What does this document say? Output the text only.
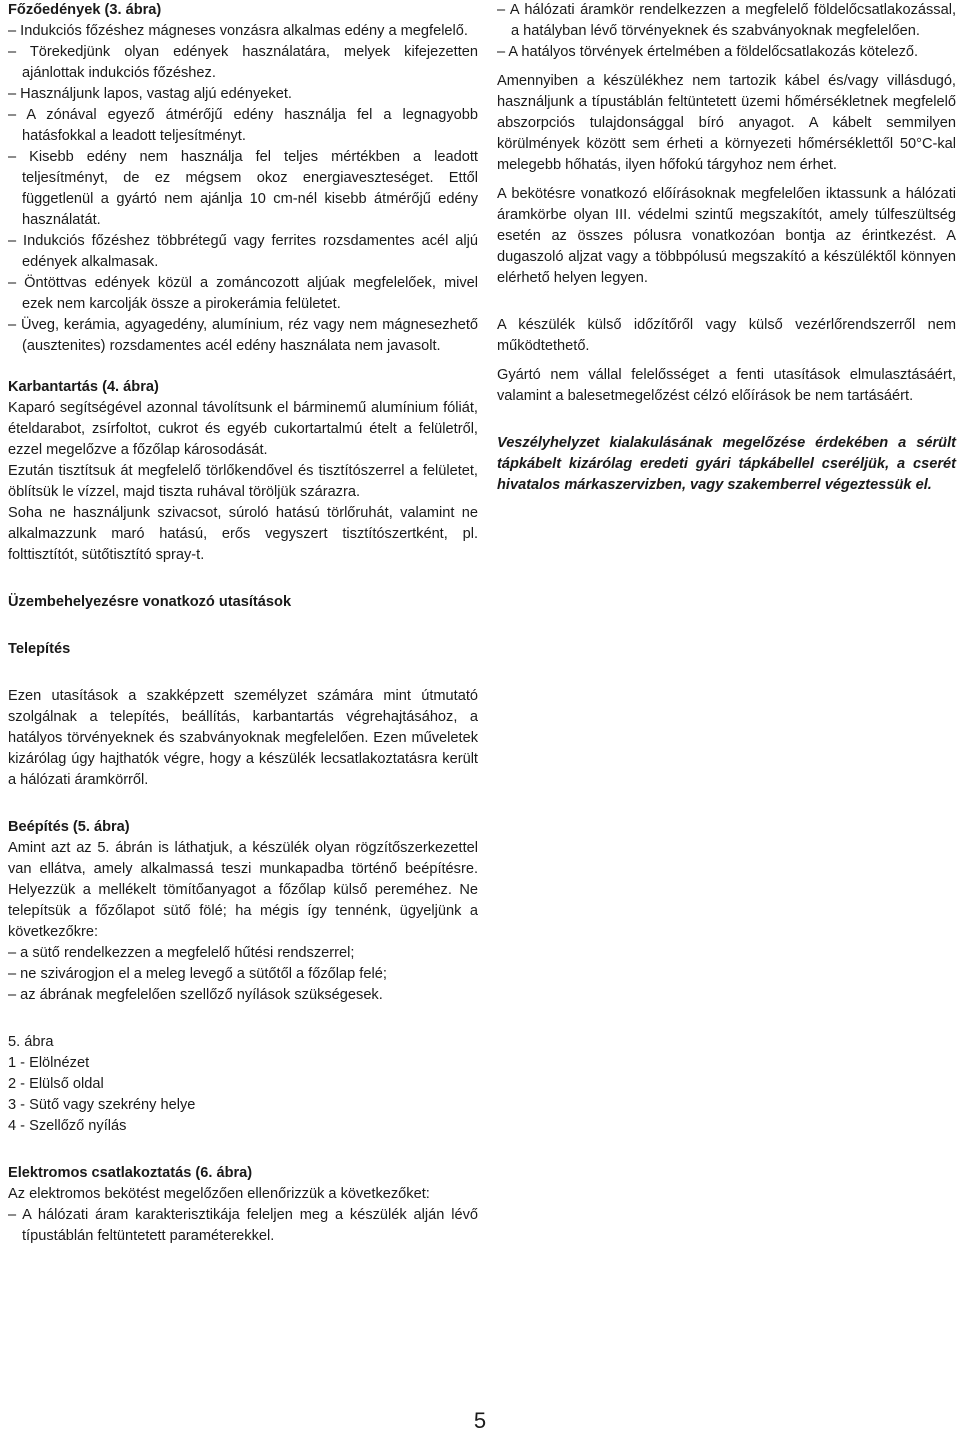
Főzőedények (3. ábra)
– Indukciós főzéshez mágneses vonzásra alkalmas edény a megfelelő.
– Törekedjünk olyan edények használatára, melyek kifejezetten ajánlottak indukciós főzéshez.
– Használjunk lapos, vastag aljú edényeket.
– A zónával egyező átmérőjű edény használja fel a legnagyobb hatásfokkal a leadott teljesítményt.
– Kisebb edény nem használja fel teljes mértékben a leadott teljesítményt, de ez mégsem okoz energiaveszteséget. Ettől függetlenül a gyártó nem ajánlja 10 cm-nél kisebb átmérőjű edény használatát.
– Indukciós főzéshez többrétegű vagy ferrites rozsdamentes acél aljú edények alkalmasak.
– Öntöttvas edények közül a zománcozott aljúak megfelelőek, mivel ezek nem karcolják össze a pirokerámia felületet.
– Üveg, kerámia, agyagedény, alumínium, réz vagy nem mágnesezhető (ausztenites) rozsdamentes acél edény használata nem javasolt.
Karbantartás (4. ábra)

Kaparó segítségével azonnal távolítsunk el bárminemű alumínium fóliát, ételdarabot, zsírfoltot, cukrot és egyéb cukortartalmú ételt a felületről, ezzel megelőzve a főzőlap károsodását.

Ezután tisztítsuk át megfelelő törlőkendővel és tisztítószerrel a felületet, öblítsük le vízzel, majd tiszta ruhával töröljük szárazra.

Soha ne használjunk szivacsot, súroló hatású törlőruhát, valamint ne alkalmazzunk maró hatású, erős vegyszert tisztítószertként, pl. folttisztítót, sütőtisztító spray-t.

Üzembehelyezésre vonatkozó utasítások
Telepítés

Ezen utasítások a szakképzett személyzet számára mint útmutató szolgálnak a telepítés, beállítás, karbantartás végrehajtásához, a hatályos törvényeknek és szabványoknak megfelelően. Ezen műveletek kizárólag úgy hajthatók végre, hogy a készülék lecsatlakoztatásra került a hálózati áramkörről.

Beépítés (5. ábra)

Amint azt az 5. ábrán is láthatjuk, a készülék olyan rögzítőszerkezettel van ellátva, amely alkalmassá teszi munkapadba történő beépítésre. Helyezzük a mellékelt tömítőanyagot a főzőlap külső pereméhez. Ne telepítsük a főzőlapot sütő fölé; ha mégis így tennénk, ügyeljünk a következőkre:

– a sütő rendelkezzen a megfelelő hűtési rendszerrel;
– ne szivárogjon el a meleg levegő a sütőtől a főzőlap felé;
– az ábrának megfelelően szellőző nyílások szükségesek.
5. ábra
1 - Elölnézet
2 - Elülső oldal
3 - Sütő vagy szekrény helye
4 - Szellőző nyílás
Elektromos csatlakoztatás (6. ábra)

Az elektromos bekötést megelőzően ellenőrizzük a következőket:

– A hálózati áram karakterisztikája feleljen meg a készülék alján lévő típustáblán feltüntetett paraméterekkel.
– A hálózati áramkör rendelkezzen a megfelelő földelőcsatlakozással, a hatályban lévő törvényeknek és szabványoknak megfelelően.
– A hatályos törvények értelmében a földelőcsatlakozás kötelező.

Amennyiben a készülékhez nem tartozik kábel és/vagy villásdugó, használjunk a típustáblán feltüntetett üzemi hőmérsékletnek megfelelő abszorpciós tulajdonsággal bíró anyagot. A kábelt semmilyen körülmények között sem érheti a környezeti hőmérséklettől 50°C-kal melegebb hőhatás, ilyen hőfokú tárgyhoz nem érhet.

A bekötésre vonatkozó előírásoknak megfelelően iktassunk a hálózati áramkörbe olyan III. védelmi szintű megszakítót, amely túlfeszültség esetén az összes pólusra vonatkozóan bontja az érintkezést. A dugaszoló aljzat vagy a többpólusú megszakító a készüléktől könnyen elérhető helyen legyen.

A készülék külső időzítőről vagy külső vezérlőrendszerről nem működtethető.

Gyártó nem vállal felelősséget a fenti utasítások elmulasztásáért, valamint a balesetmegelőzést célzó előírások be nem tartásáért.

Veszélyhelyzet kialakulásának megelőzése érdekében a sérült tápkábelt kizárólag eredeti gyári tápkábellel cseréljük, a cserét hivatalos márkaszervizben, vagy szakemberrel végeztessük el.

5
